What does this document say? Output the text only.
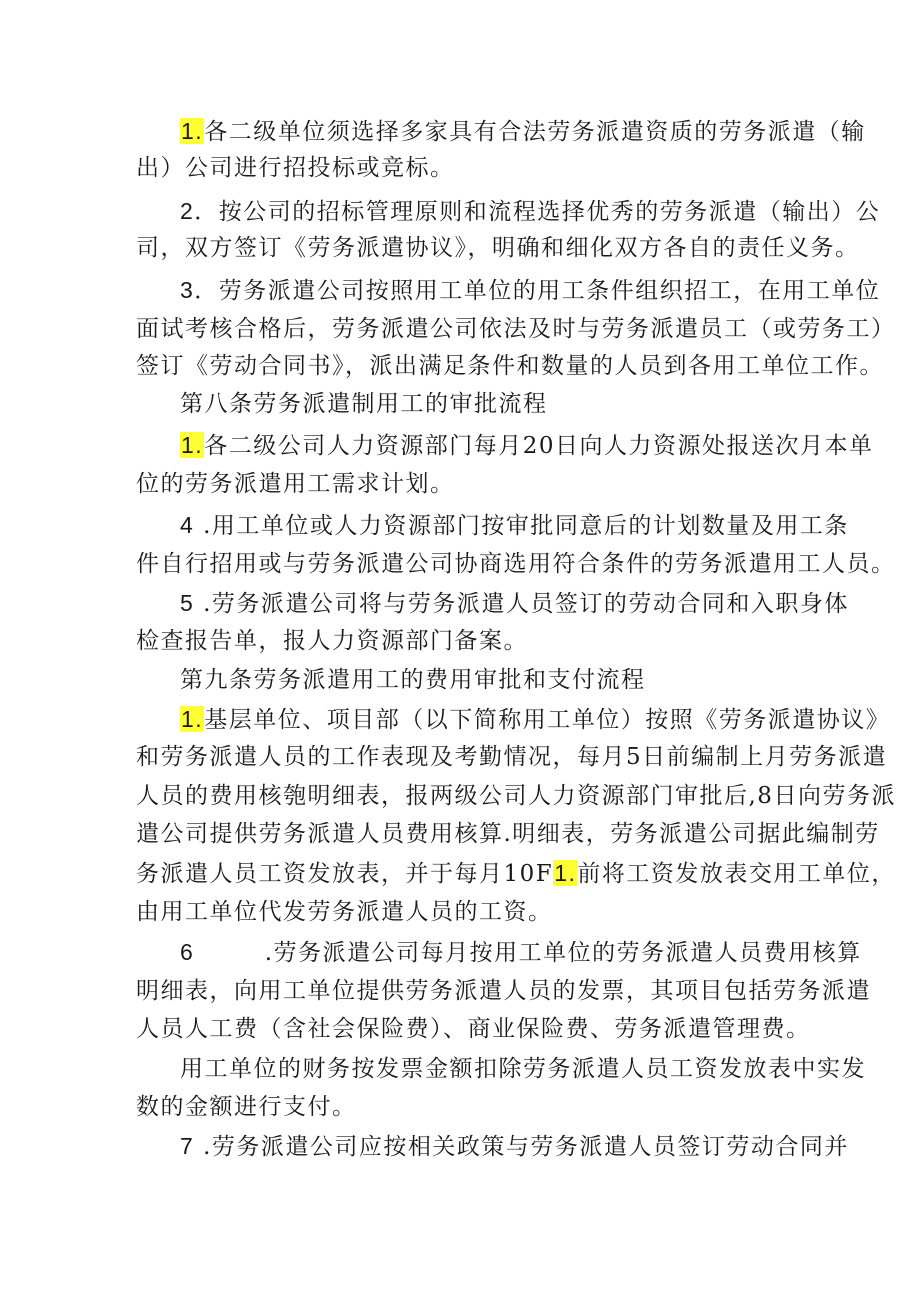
1.各二级单位须选择多家具有合法劳务派遣资质的劳务派遣（输
出）公司进行招投标或竞标。
2．按公司的招标管理原则和流程选择优秀的劳务派遣（输出）公
司，双方签订《劳务派遣协议》，明确和细化双方各自的责任义务。
3．劳务派遣公司按照用工单位的用工条件组织招工，在用工单位
面试考核合格后，劳务派遣公司依法及时与劳务派遣员工（或劳务工）
签订《劳动合同书》，派出满足条件和数量的人员到各用工单位工作。
第八条劳务派遣制用工的审批流程
1.各二级公司人力资源部门每月20日向人力资源处报送次月本单
位的劳务派遣用工需求计划。
4 .用工单位或人力资源部门按审批同意后的计划数量及用工条
件自行招用或与劳务派遣公司协商选用符合条件的劳务派遣用工人员。
5 .劳务派遣公司将与劳务派遣人员签订的劳动合同和入职身体
检查报告单，报人力资源部门备案。
第九条劳务派遣用工的费用审批和支付流程
1.基层单位、项目部（以下简称用工单位）按照《劳务派遣协议》
和劳务派遣人员的工作表现及考勤情况，每月5日前编制上月劳务派遣
人员的费用核匏明细表，报两级公司人力资源部门审批后,8日向劳务派
遣公司提供劳务派遣人员费用核算.明细表，劳务派遣公司据此编制劳
务派遣人员工资发放表，并于每月10F1.前将工资发放表交用工单位，
由用工单位代发劳务派遣人员的工资。
6        .劳务派遣公司每月按用工单位的劳务派遣人员费用核算
明细表，向用工单位提供劳务派遣人员的发票，其项目包括劳务派遣
人员人工费（含社会保险费）、商业保险费、劳务派遣管理费。
用工单位的财务按发票金额扣除劳务派遣人员工资发放表中实发
数的金额进行支付。
7 .劳务派遣公司应按相关政策与劳务派遣人员签订劳动合同并
